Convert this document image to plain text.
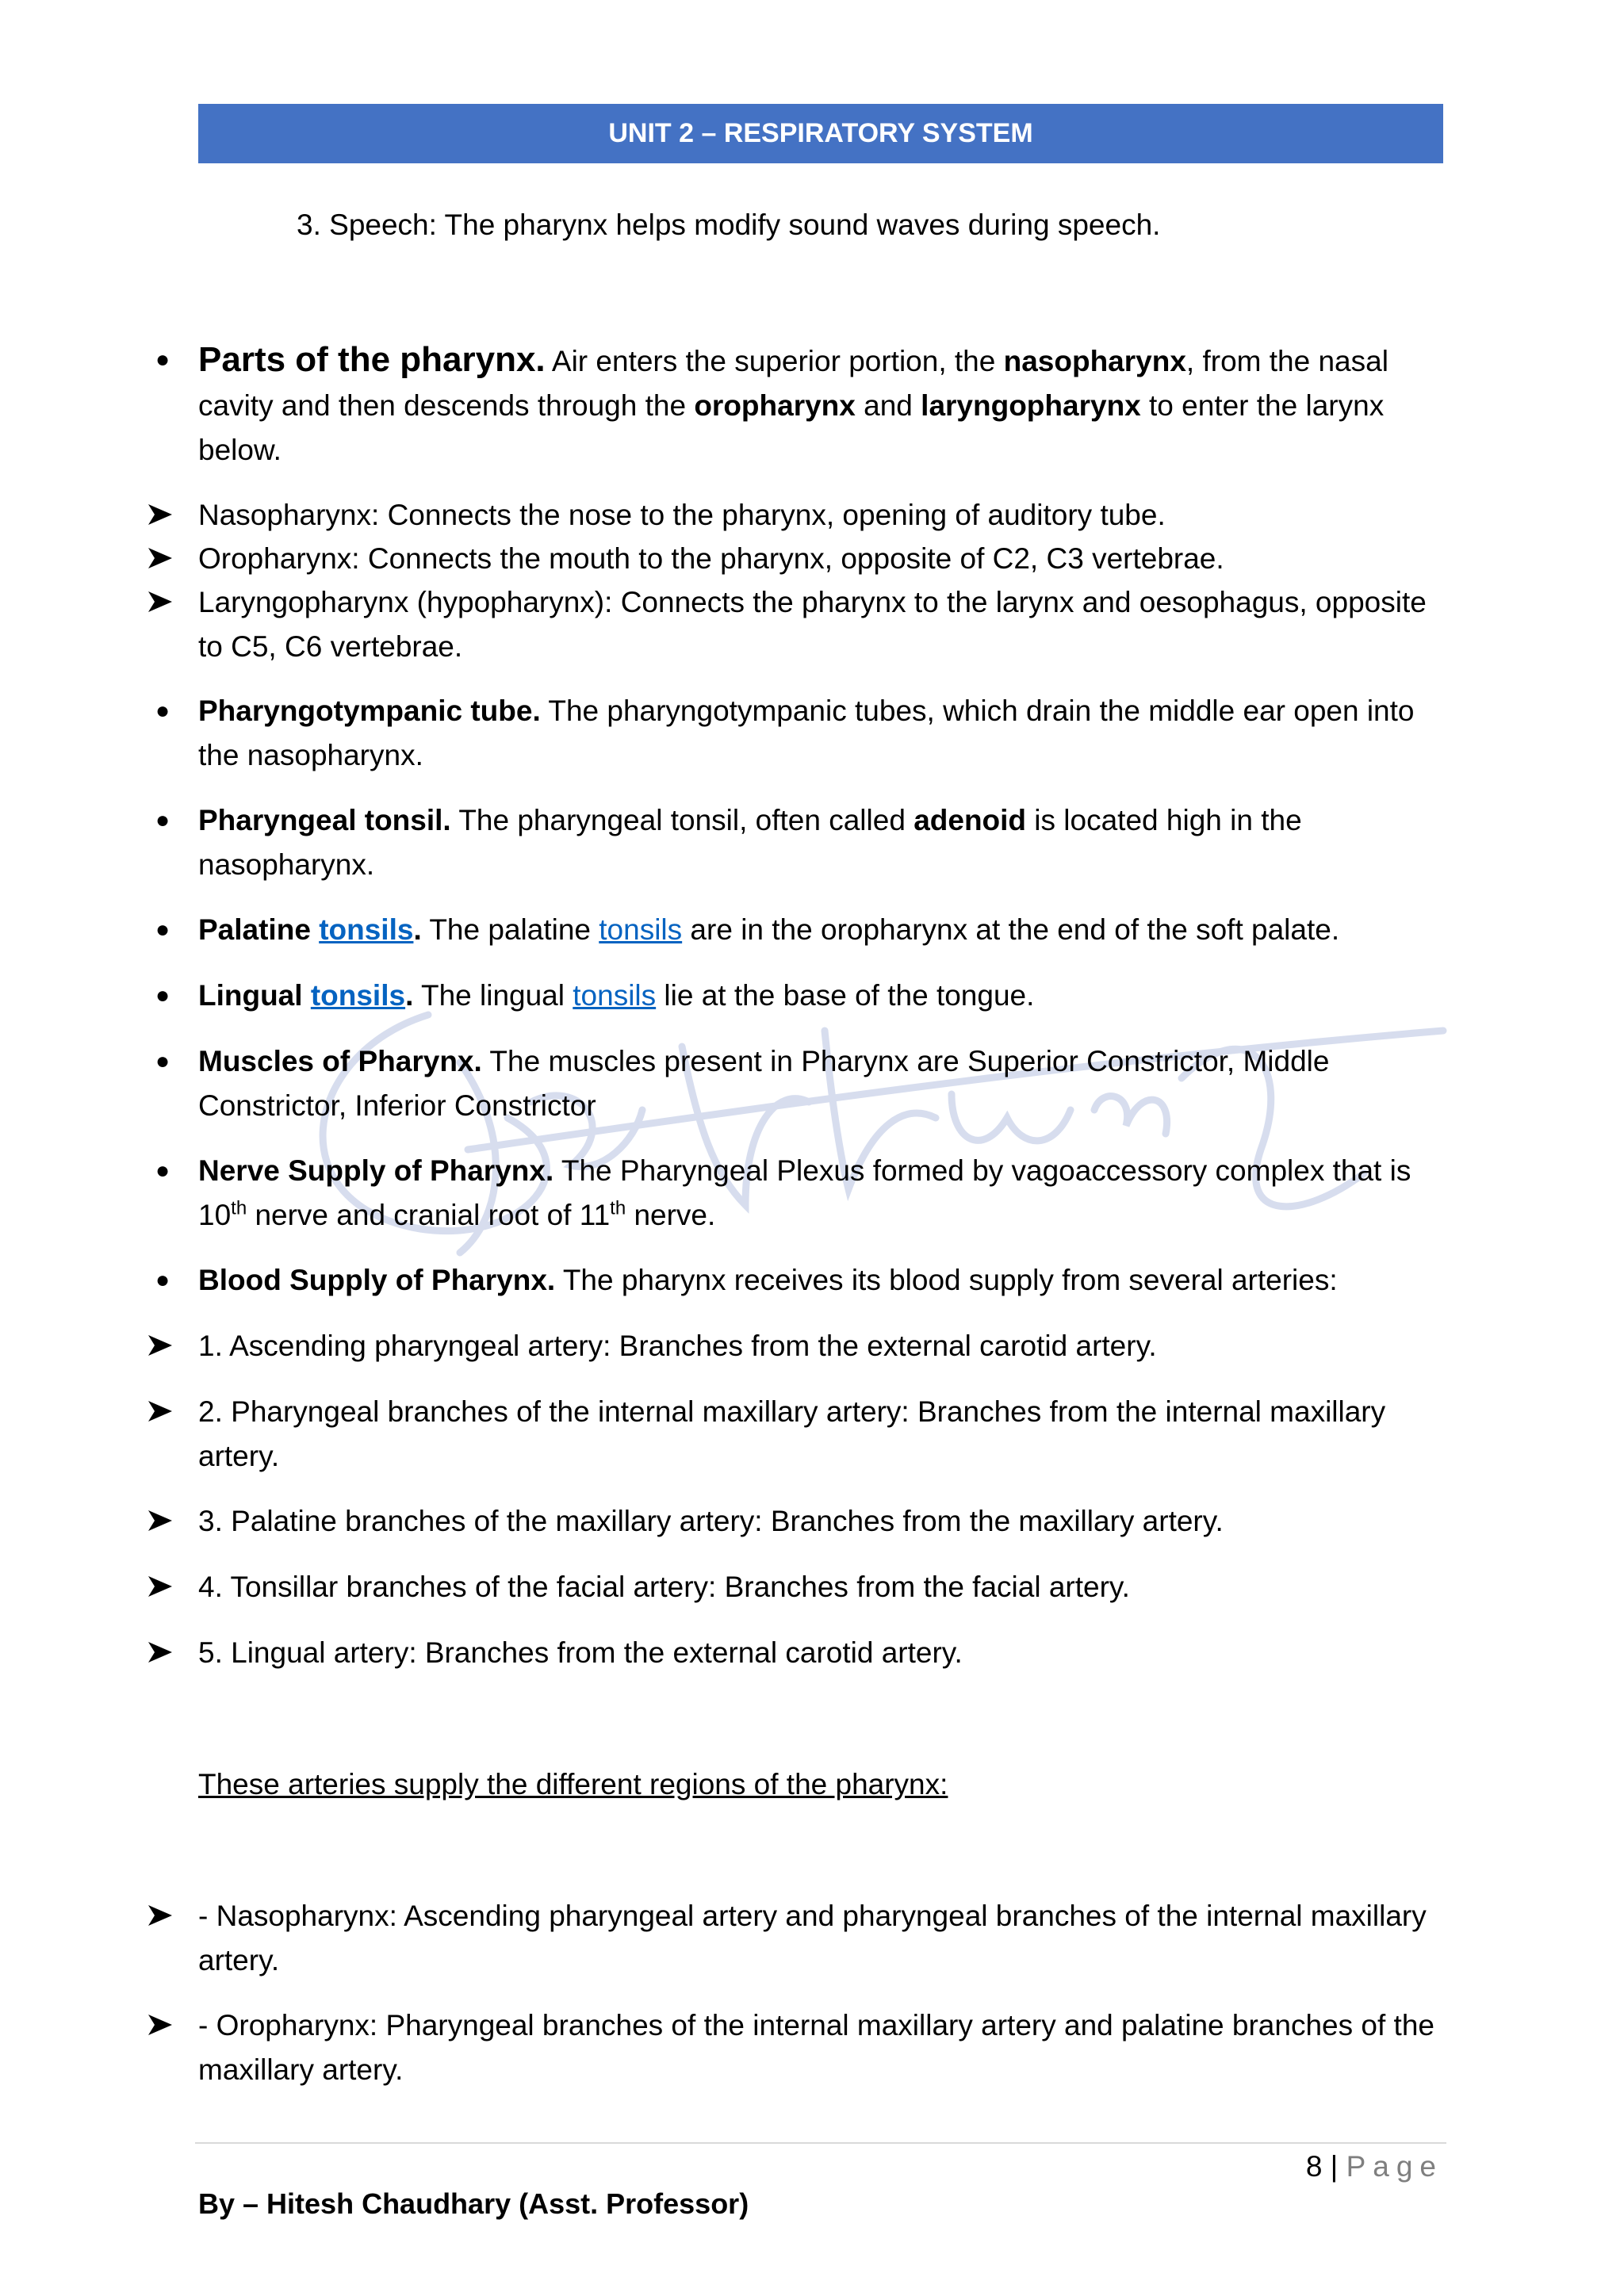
UNIT 2 – RESPIRATORY SYSTEM
3. Speech: The pharynx helps modify sound waves during speech.
● Parts of the pharynx. Air enters the superior portion, the nasopharynx, from the nasal cavity and then descends through the oropharynx and laryngopharynx to enter the larynx below.
Nasopharynx: Connects the nose to the pharynx, opening of auditory tube.
Oropharynx: Connects the mouth to the pharynx, opposite of C2, C3 vertebrae.
Laryngopharynx (hypopharynx): Connects the pharynx to the larynx and oesophagus, opposite to C5, C6 vertebrae.
● Pharyngotympanic tube. The pharyngotympanic tubes, which drain the middle ear open into the nasopharynx.
● Pharyngeal tonsil. The pharyngeal tonsil, often called adenoid is located high in the nasopharynx.
● Palatine tonsils. The palatine tonsils are in the oropharynx at the end of the soft palate.
● Lingual tonsils. The lingual tonsils lie at the base of the tongue.
● Muscles of Pharynx. The muscles present in Pharynx are Superior Constrictor, Middle Constrictor, Inferior Constrictor
● Nerve Supply of Pharynx. The Pharyngeal Plexus formed by vagoaccessory complex that is 10th nerve and cranial root of 11th nerve.
● Blood Supply of Pharynx. The pharynx receives its blood supply from several arteries:
1. Ascending pharyngeal artery: Branches from the external carotid artery.
2. Pharyngeal branches of the internal maxillary artery: Branches from the internal maxillary artery.
3. Palatine branches of the maxillary artery: Branches from the maxillary artery.
4. Tonsillar branches of the facial artery: Branches from the facial artery.
5. Lingual artery: Branches from the external carotid artery.
These arteries supply the different regions of the pharynx:
- Nasopharynx: Ascending pharyngeal artery and pharyngeal branches of the internal maxillary artery.
- Oropharynx: Pharyngeal branches of the internal maxillary artery and palatine branches of the maxillary artery.
8 | Page
By – Hitesh Chaudhary (Asst. Professor)
